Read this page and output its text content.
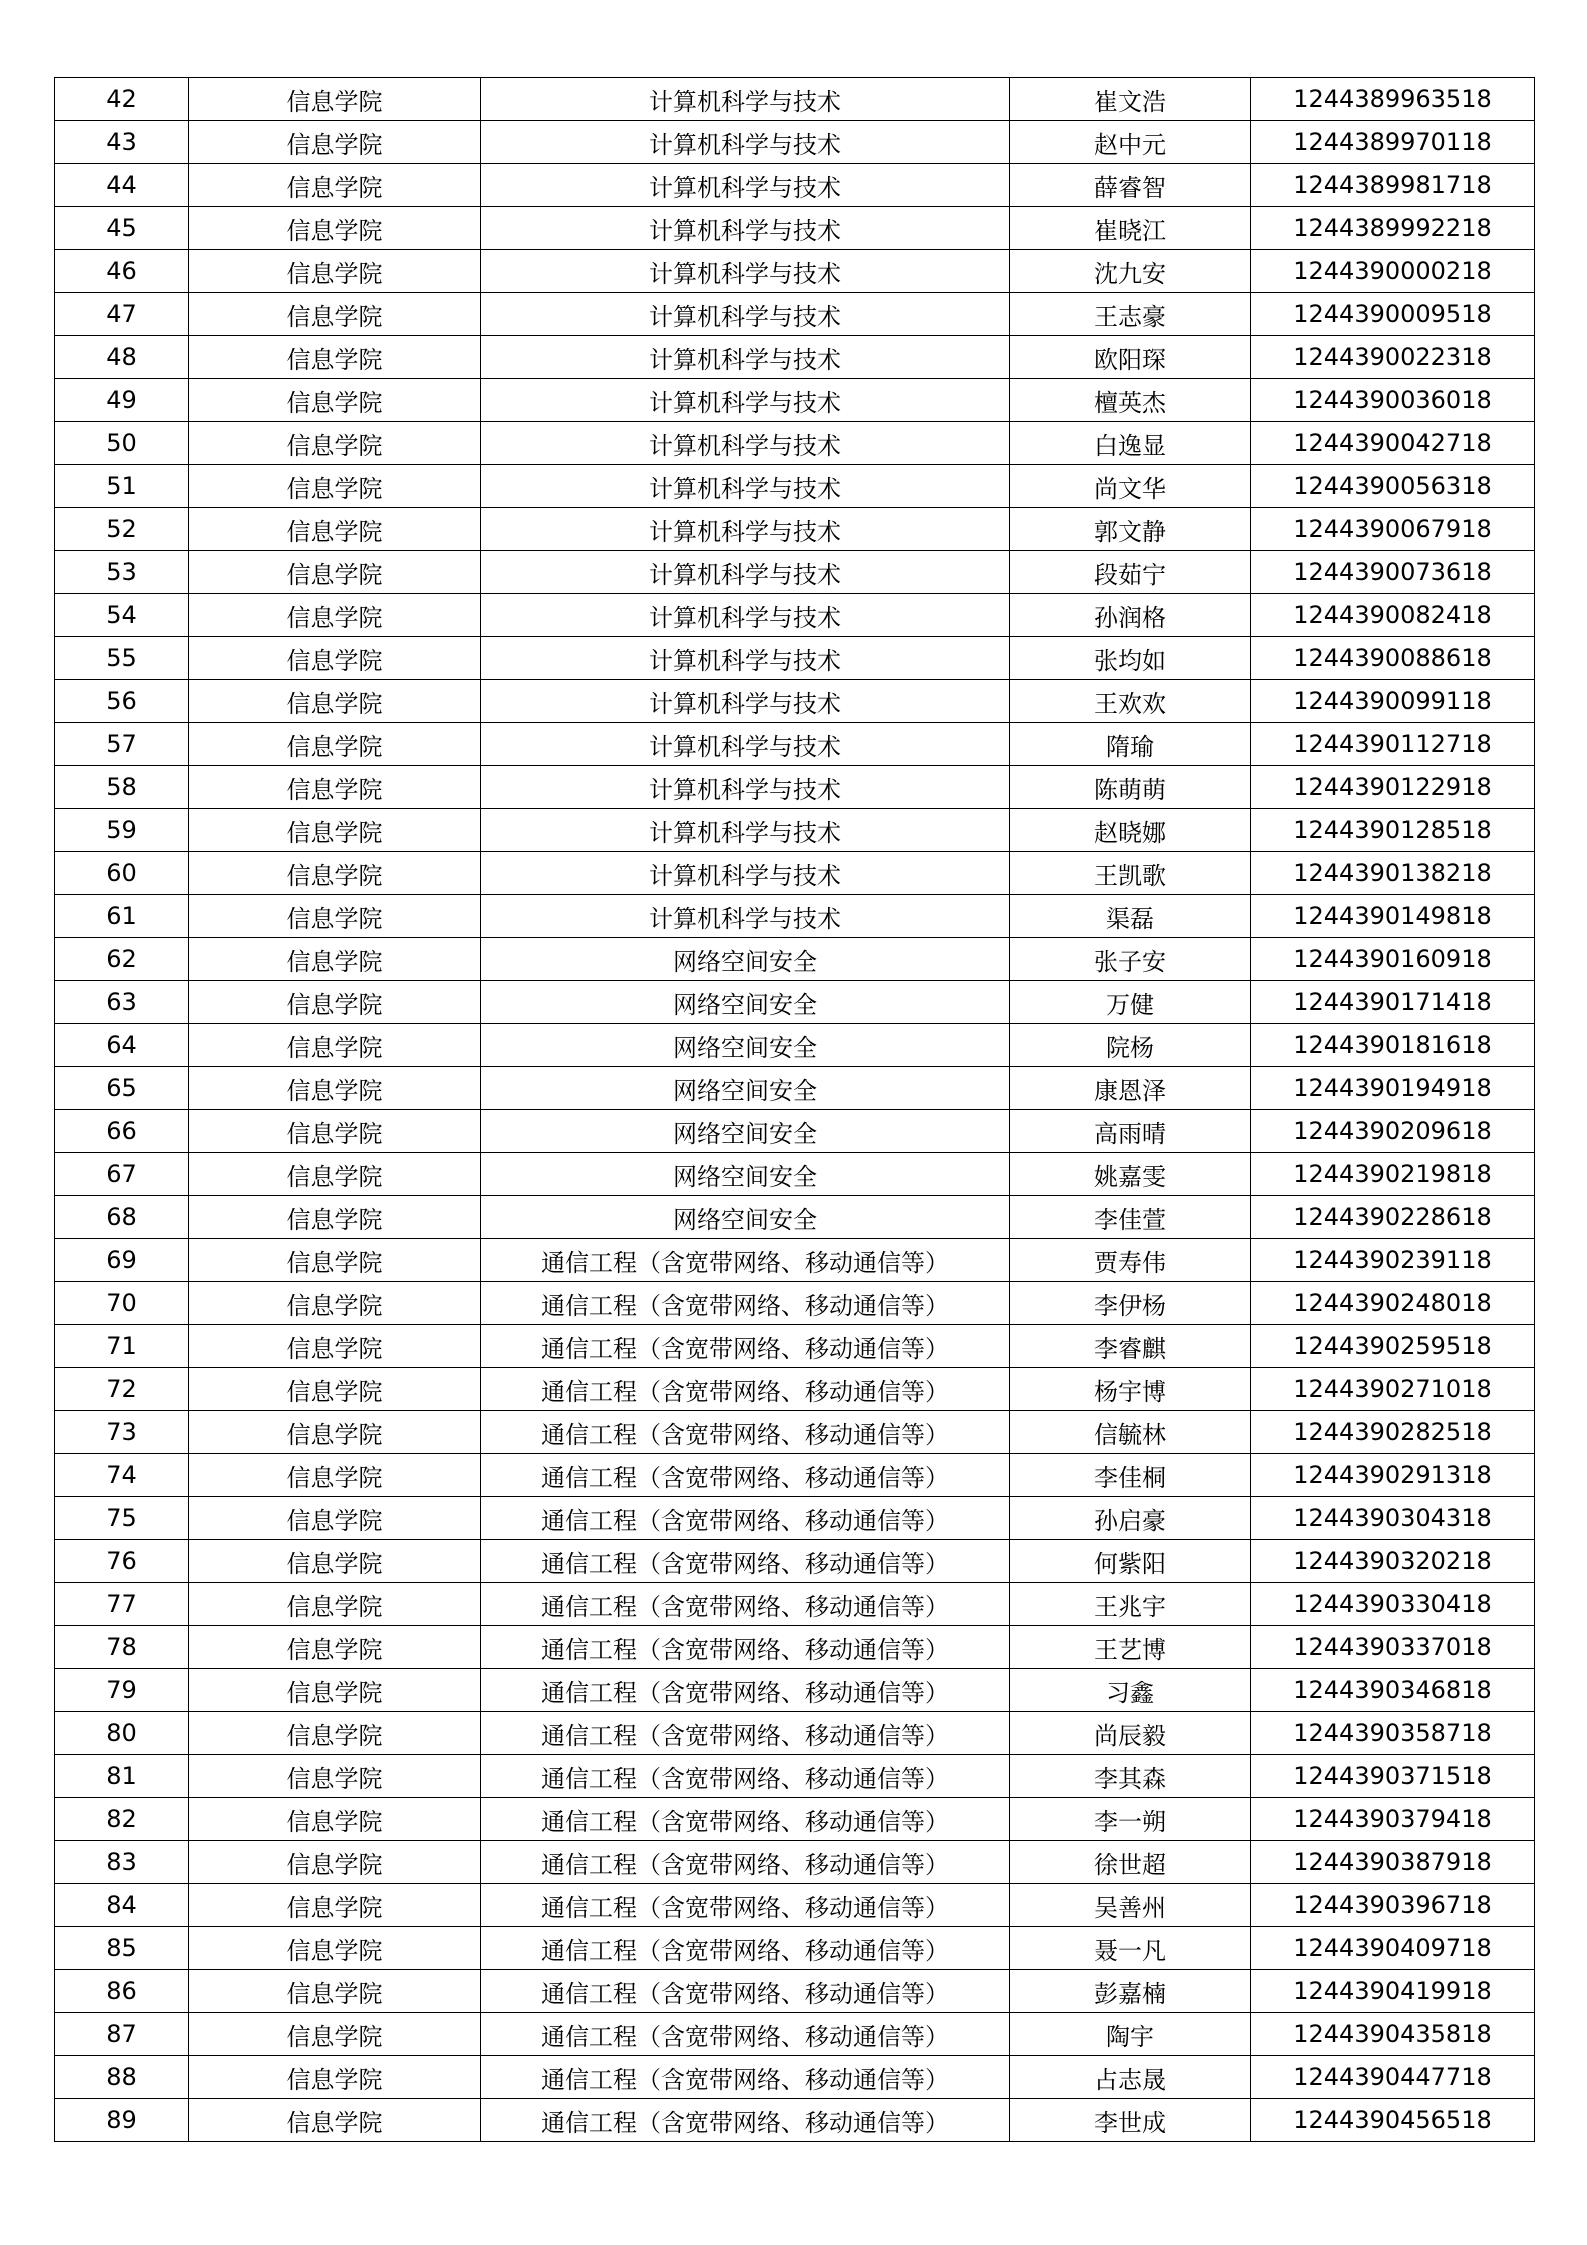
42	信息学院	计算机科学与技术	崔文浩	1244389963518
43	信息学院	计算机科学与技术	赵中元	1244389970118
44	信息学院	计算机科学与技术	薛睿智	1244389981718
45	信息学院	计算机科学与技术	崔晓江	1244389992218
46	信息学院	计算机科学与技术	沈九安	1244390000218
47	信息学院	计算机科学与技术	王志豪	1244390009518
48	信息学院	计算机科学与技术	欧阳琛	1244390022318
49	信息学院	计算机科学与技术	檀英杰	1244390036018
50	信息学院	计算机科学与技术	白逸显	1244390042718
51	信息学院	计算机科学与技术	尚文华	1244390056318
52	信息学院	计算机科学与技术	郭文静	1244390067918
53	信息学院	计算机科学与技术	段茹宁	1244390073618
54	信息学院	计算机科学与技术	孙润格	1244390082418
55	信息学院	计算机科学与技术	张均如	1244390088618
56	信息学院	计算机科学与技术	王欢欢	1244390099118
57	信息学院	计算机科学与技术	隋瑜	1244390112718
58	信息学院	计算机科学与技术	陈萌萌	1244390122918
59	信息学院	计算机科学与技术	赵晓娜	1244390128518
60	信息学院	计算机科学与技术	王凯歌	1244390138218
61	信息学院	计算机科学与技术	渠磊	1244390149818
62	信息学院	网络空间安全	张子安	1244390160918
63	信息学院	网络空间安全	万健	1244390171418
64	信息学院	网络空间安全	院杨	1244390181618
65	信息学院	网络空间安全	康恩泽	1244390194918
66	信息学院	网络空间安全	高雨晴	1244390209618
67	信息学院	网络空间安全	姚嘉雯	1244390219818
68	信息学院	网络空间安全	李佳萱	1244390228618
69	信息学院	通信工程（含宽带网络、移动通信等）	贾寿伟	1244390239118
70	信息学院	通信工程（含宽带网络、移动通信等）	李伊杨	1244390248018
71	信息学院	通信工程（含宽带网络、移动通信等）	李睿麒	1244390259518
72	信息学院	通信工程（含宽带网络、移动通信等）	杨宇博	1244390271018
73	信息学院	通信工程（含宽带网络、移动通信等）	信毓林	1244390282518
74	信息学院	通信工程（含宽带网络、移动通信等）	李佳桐	1244390291318
75	信息学院	通信工程（含宽带网络、移动通信等）	孙启豪	1244390304318
76	信息学院	通信工程（含宽带网络、移动通信等）	何紫阳	1244390320218
77	信息学院	通信工程（含宽带网络、移动通信等）	王兆宇	1244390330418
78	信息学院	通信工程（含宽带网络、移动通信等）	王艺博	1244390337018
79	信息学院	通信工程（含宽带网络、移动通信等）	习鑫	1244390346818
80	信息学院	通信工程（含宽带网络、移动通信等）	尚辰毅	1244390358718
81	信息学院	通信工程（含宽带网络、移动通信等）	李其森	1244390371518
82	信息学院	通信工程（含宽带网络、移动通信等）	李一朔	1244390379418
83	信息学院	通信工程（含宽带网络、移动通信等）	徐世超	1244390387918
84	信息学院	通信工程（含宽带网络、移动通信等）	吴善州	1244390396718
85	信息学院	通信工程（含宽带网络、移动通信等）	聂一凡	1244390409718
86	信息学院	通信工程（含宽带网络、移动通信等）	彭嘉楠	1244390419918
87	信息学院	通信工程（含宽带网络、移动通信等）	陶宇	1244390435818
88	信息学院	通信工程（含宽带网络、移动通信等）	占志晟	1244390447718
89	信息学院	通信工程（含宽带网络、移动通信等）	李世成	1244390456518
